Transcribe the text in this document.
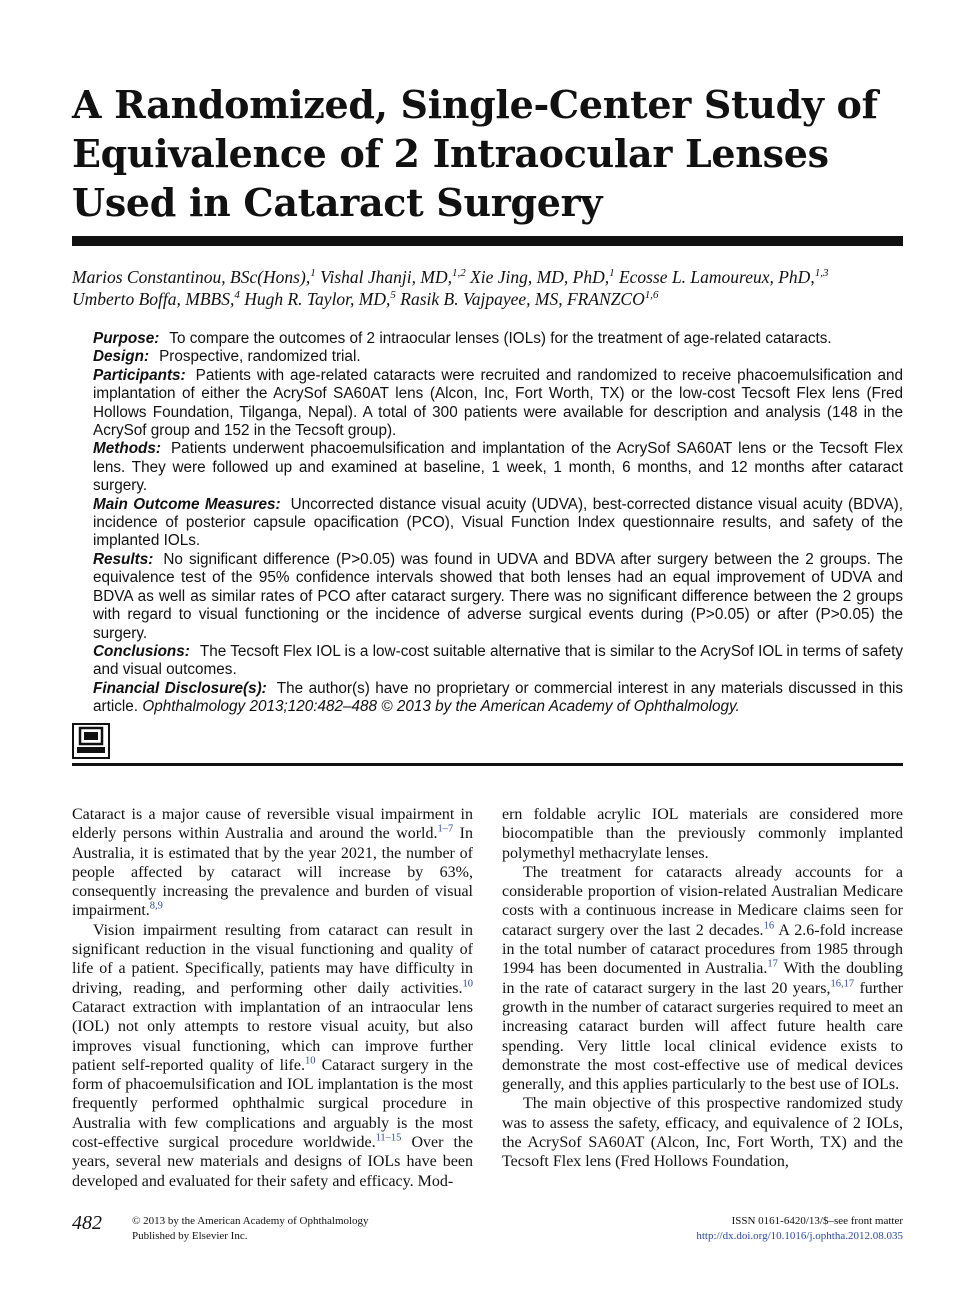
A Randomized, Single-Center Study of Equivalence of 2 Intraocular Lenses Used in Cataract Surgery
Marios Constantinou, BSc(Hons),$^1$ Vishal Jhanji, MD,$^{1,2}$ Xie Jing, MD, PhD,$^1$ Ecosse L. Lamoureux, PhD,$^{1,3}$
Umberto Boffa, MBBS,$^4$ Hugh R. Taylor, MD,$^5$ Rasik B. Vajpayee, MS, FRANZCO$^{1,6}$

Purpose: To compare the outcomes of 2 intraocular lenses (IOLs) for the treatment of age-related cataracts.

Design: Prospective, randomized trial.

Participants: Patients with age-related cataracts were recruited and randomized to receive phacoemulsification and implantation of either the AcrySof SA60AT lens (Alcon, Inc, Fort Worth, TX) or the low-cost Tecsoft Flex lens (Fred Hollows Foundation, Tilganga, Nepal). A total of 300 patients were available for description and analysis (148 in the AcrySof group and 152 in the Tecsoft group).

Methods: Patients underwent phacoemulsification and implantation of the AcrySof SA60AT lens or the Tecsoft Flex lens. They were followed up and examined at baseline, 1 week, 1 month, 6 months, and 12 months after cataract surgery.

Main Outcome Measures: Uncorrected distance visual acuity (UDVA), best-corrected distance visual acuity (BDVA), incidence of posterior capsule opacification (PCO), Visual Function Index questionnaire results, and safety of the implanted IOLs.

Results: No significant difference (P>0.05) was found in UDVA and BDVA after surgery between the 2 groups. The equivalence test of the 95% confidence intervals showed that both lenses had an equal improvement of UDVA and BDVA as well as similar rates of PCO after cataract surgery. There was no significant difference between the 2 groups with regard to visual functioning or the incidence of adverse surgical events during (P>0.05) or after (P>0.05) the surgery.

Conclusions: The Tecsoft Flex IOL is a low-cost suitable alternative that is similar to the AcrySof IOL in terms of safety and visual outcomes.

Financial Disclosure(s): The author(s) have no proprietary or commercial interest in any materials discussed in this article. Ophthalmology 2013;120:482–488 © 2013 by the American Academy of Ophthalmology.

Cataract is a major cause of reversible visual impairment in elderly persons within Australia and around the world.$^{1-7}$ In Australia, it is estimated that by the year 2021, the number of people affected by cataract will increase by 63%, consequently increasing the prevalence and burden of visual impairment.$^{8,9}$

Vision impairment resulting from cataract can result in significant reduction in the visual functioning and quality of life of a patient. Specifically, patients may have difficulty in driving, reading, and performing other daily activities.$^{10}$ Cataract extraction with implantation of an intraocular lens (IOL) not only attempts to restore visual acuity, but also improves visual functioning, which can improve further patient self-reported quality of life.$^{10}$ Cataract surgery in the form of phacoemulsification and IOL implantation is the most frequently performed ophthalmic surgical procedure in Australia with few complications and arguably is the most cost-effective surgical procedure worldwide.$^{11-15}$ Over the years, several new materials and designs of IOLs have been developed and evaluated for their safety and efficacy. Mod-

ern foldable acrylic IOL materials are considered more biocompatible than the previously commonly implanted polymethyl methacrylate lenses.

The treatment for cataracts already accounts for a considerable proportion of vision-related Australian Medicare costs with a continuous increase in Medicare claims seen for cataract surgery over the last 2 decades.$^{16}$ A 2.6-fold increase in the total number of cataract procedures from 1985 through 1994 has been documented in Australia.$^{17}$ With the doubling in the rate of cataract surgery in the last 20 years,$^{16,17}$ further growth in the number of cataract surgeries required to meet an increasing cataract burden will affect future health care spending. Very little local clinical evidence exists to demonstrate the most cost-effective use of medical devices generally, and this applies particularly to the best use of IOLs.

The main objective of this prospective randomized study was to assess the safety, efficacy, and equivalence of 2 IOLs, the AcrySof SA60AT (Alcon, Inc, Fort Worth, TX) and the Tecsoft Flex lens (Fred Hollows Foundation,

482	© 2013 by the American Academy of Ophthalmology
Published by Elsevier Inc.
ISSN 0161-6420/13/$–see front matter
http://dx.doi.org/10.1016/j.ophtha.2012.08.035
